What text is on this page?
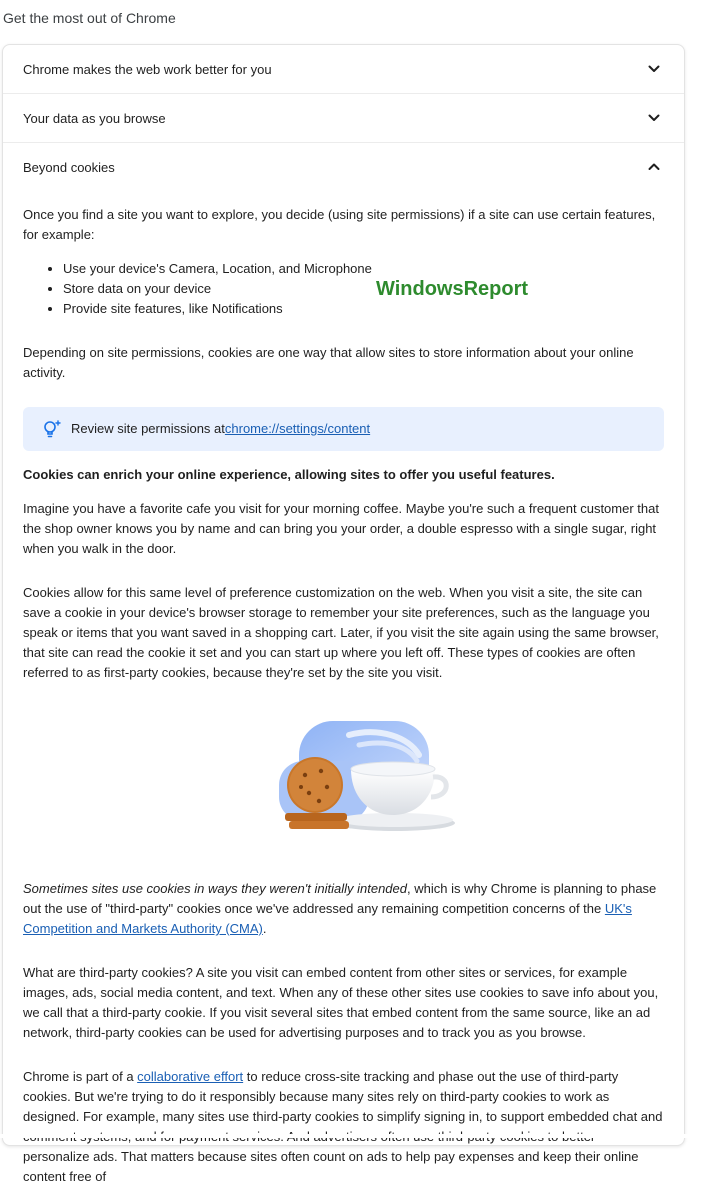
Get the most out of Chrome
Chrome makes the web work better for you
Your data as you browse
Beyond cookies

Once you find a site you want to explore, you decide (using site permissions) if a site can use certain features, for example:

• Use your device's Camera, Location, and Microphone
• Store data on your device
• Provide site features, like Notifications

Depending on site permissions, cookies are one way that allow sites to store information about your online activity.

Review site permissions at chrome://settings/content

Cookies can enrich your online experience, allowing sites to offer you useful features.

Imagine you have a favorite cafe you visit for your morning coffee. Maybe you're such a frequent customer that the shop owner knows you by name and can bring you your order, a double espresso with a single sugar, right when you walk in the door.

Cookies allow for this same level of preference customization on the web. When you visit a site, the site can save a cookie in your device's browser storage to remember your site preferences, such as the language you speak or items that you want saved in a shopping cart. Later, if you visit the site again using the same browser, that site can read the cookie it set and you can start up where you left off. These types of cookies are often referred to as first-party cookies, because they're set by the site you visit.

Sometimes sites use cookies in ways they weren't initially intended, which is why Chrome is planning to phase out the use of "third-party" cookies once we've addressed any remaining competition concerns of the UK's Competition and Markets Authority (CMA).

What are third-party cookies? A site you visit can embed content from other sites or services, for example images, ads, social media content, and text. When any of these other sites use cookies to save info about you, we call that a third-party cookie. If you visit several sites that embed content from the same source, like an ad network, third-party cookies can be used for advertising purposes and to track you as you browse.

Chrome is part of a collaborative effort to reduce cross-site tracking and phase out the use of third-party cookies. But we're trying to do it responsibly because many sites rely on third-party cookies to work as designed. For example, many sites use third-party cookies to simplify signing in, to support embedded chat and personalize ads. That matters because sites often count on ads to help pay expenses and keep their online content free of

WindowsReport
